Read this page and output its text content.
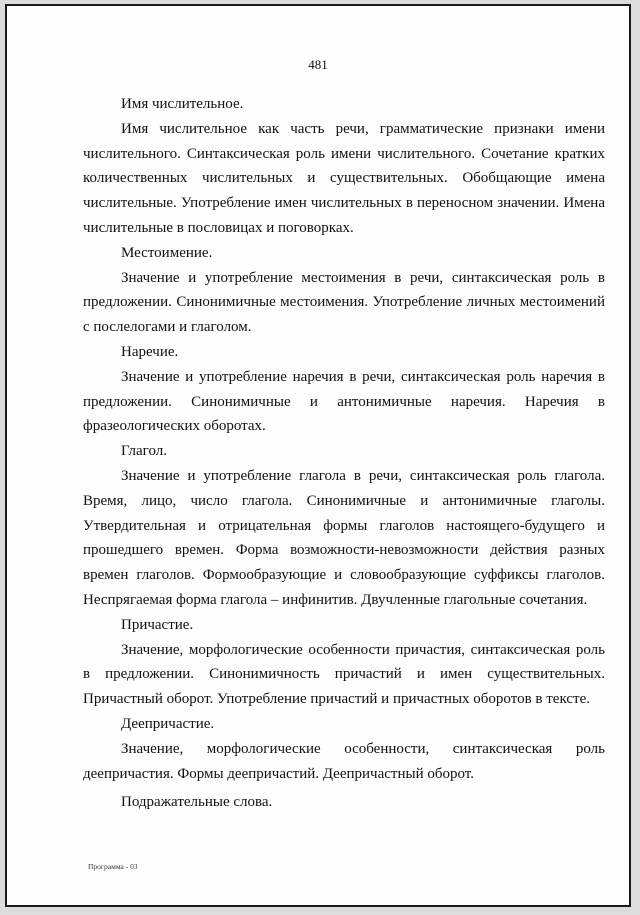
481

Имя числительное.

Имя числительное как часть речи, грамматические признаки имени числительного. Синтаксическая роль имени числительного. Сочетание кратких количественных числительных и существительных. Обобщающие имена числительные. Употребление имен числительных в переносном значении. Имена числительные в пословицах и поговорках.

Местоимение.

Значение и употребление местоимения в речи, синтаксическая роль в предложении. Синонимичные местоимения. Употребление личных местоимений с послелогами и глаголом.

Наречие.

Значение и употребление наречия в речи, синтаксическая роль наречия в предложении. Синонимичные и антонимичные наречия. Наречия в фразеологических оборотах.

Глагол.

Значение и употребление глагола в речи, синтаксическая роль глагола. Время, лицо, число глагола. Синонимичные и антонимичные глаголы. Утвердительная и отрицательная формы глаголов настоящего-будущего и прошедшего времен. Форма возможности-невозможности действия разных времен глаголов. Формообразующие и словообразующие суффиксы глаголов. Неспрягаемая форма глагола – инфинитив. Двучленные глагольные сочетания.

Причастие.

Значение, морфологические особенности причастия, синтаксическая роль в предложении. Синонимичность причастий и имен существительных. Причастный оборот. Употребление причастий и причастных оборотов в тексте.

Деепричастие.

Значение, морфологические особенности, синтаксическая роль деепричастия. Формы деепричастий. Деепричастный оборот.

Подражательные слова.

Программа - 03
